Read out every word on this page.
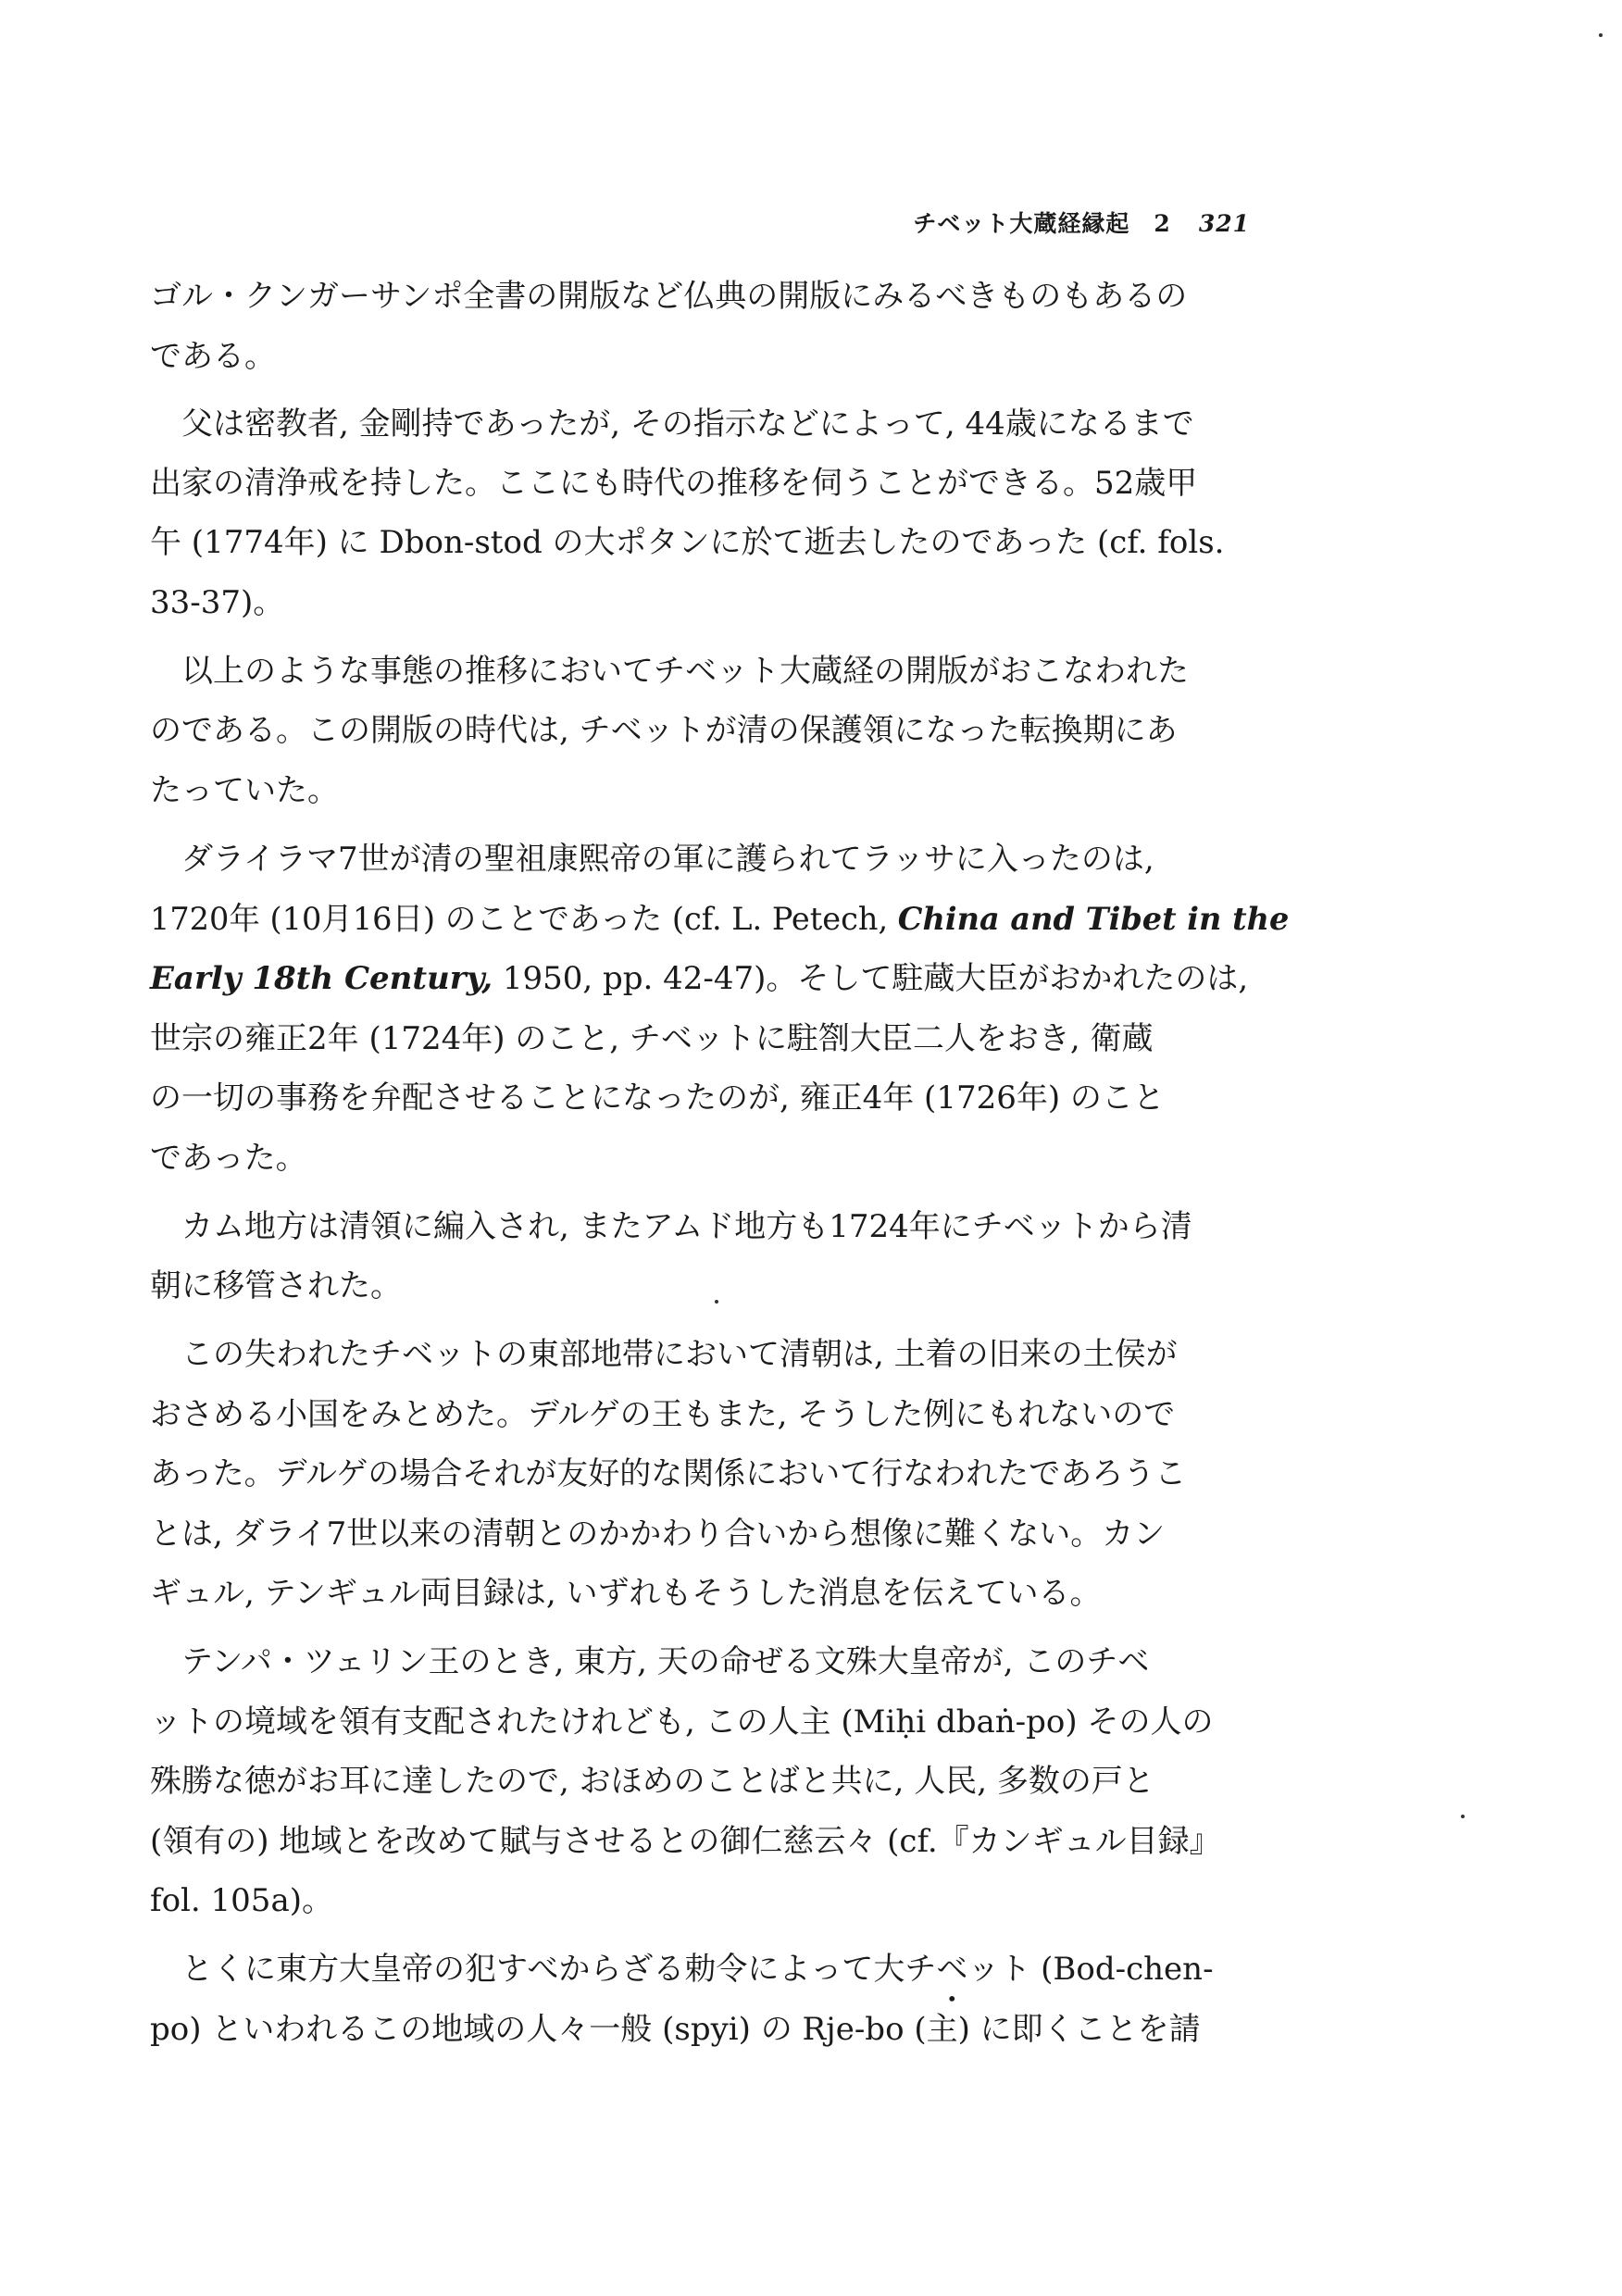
チベット大蔵経縁起　2 321
ゴル・クンガーサンポ全書の開版など仏典の開版にみるべきものもあるの
である。
　父は密教者, 金剛持であったが, その指示などによって, 44歳になるまで
出家の清浄戒を持した。ここにも時代の推移を伺うことができる。52歳甲
午 (1774年) に Dbon-stod の大ポタンに於て逝去したのであった (cf. fols.
33-37)。
　以上のような事態の推移においてチベット大蔵経の開版がおこなわれた
のである。この開版の時代は, チベットが清の保護領になった転換期にあ
たっていた。
　ダライラマ7世が清の聖祖康熙帝の軍に護られてラッサに入ったのは,
1720年 (10月16日) のことであった (cf. L. Petech, China and Tibet in the
Early 18th Century, 1950, pp. 42-47)。そして駐蔵大臣がおかれたのは,
世宗の雍正2年 (1724年) のこと, チベットに駐劄大臣二人をおき, 衛蔵
の一切の事務を弁配させることになったのが, 雍正4年 (1726年) のこと
であった。
　カム地方は清領に編入され, またアムド地方も1724年にチベットから清
朝に移管された。
　この失われたチベットの東部地帯において清朝は, 土着の旧来の土侯が
おさめる小国をみとめた。デルゲの王もまた, そうした例にもれないので
あった。デルゲの場合それが友好的な関係において行なわれたであろうこ
とは, ダライ7世以来の清朝とのかかわり合いから想像に難くない。カン
ギュル, テンギュル両目録は, いずれもそうした消息を伝えている。
　テンパ・ツェリン王のとき, 東方, 天の命ぜる文殊大皇帝が, このチベ
ットの境域を領有支配されたけれども, この人主 (Miḥi dbaṅ-po) その人の
殊勝な徳がお耳に達したので, おほめのことばと共に, 人民, 多数の戸と
(領有の) 地域とを改めて賦与させるとの御仁慈云々 (cf.『カンギュル目録』
fol. 105a)。
　とくに東方大皇帝の犯すべからざる勅令によって大チベット • (Bod-chen-
po) といわれるこの地域の人々一般 (spyi) の Rje-bo (主) に即くことを請
